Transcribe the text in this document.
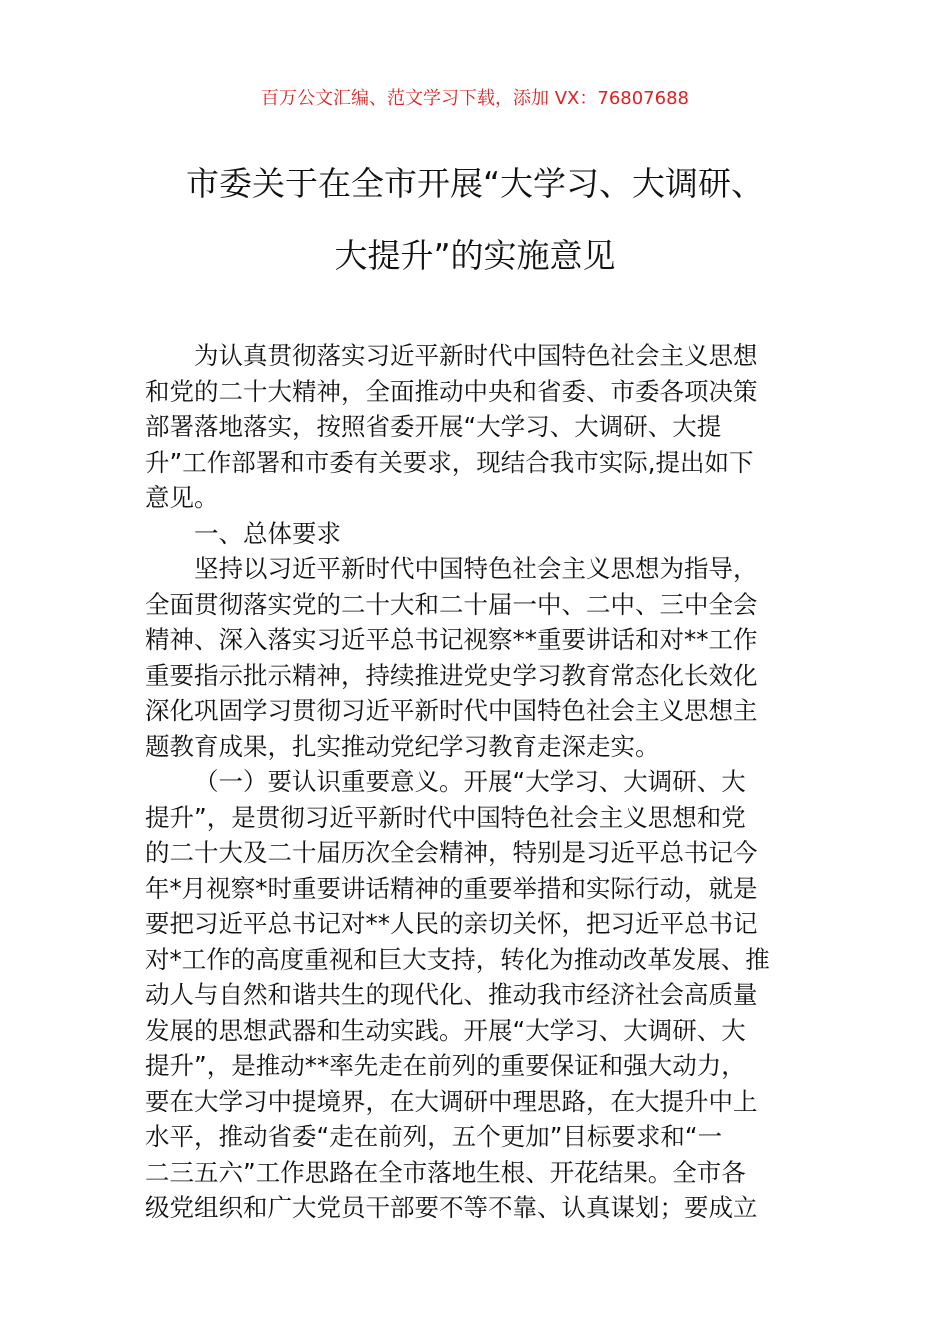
百万公文汇编、范文学习下载，添加 VX：76807688
市委关于在全市开展“大学习、大调研、
大提升”的实施意见
为认真贯彻落实习近平新时代中国特色社会主义思想
和党的二十大精神，全面推动中央和省委、市委各项决策
部署落地落实，按照省委开展“大学习、大调研、大提
升”工作部署和市委有关要求，现结合我市实际,提出如下
意见。
一、总体要求
坚持以习近平新时代中国特色社会主义思想为指导，
全面贯彻落实党的二十大和二十届一中、二中、三中全会
精神、深入落实习近平总书记视察**重要讲话和对**工作
重要指示批示精神，持续推进党史学习教育常态化长效化
深化巩固学习贯彻习近平新时代中国特色社会主义思想主
题教育成果，扎实推动党纪学习教育走深走实。
（一）要认识重要意义。开展“大学习、大调研、大
提升”，是贯彻习近平新时代中国特色社会主义思想和党
的二十大及二十届历次全会精神，特别是习近平总书记今
年*月视察*时重要讲话精神的重要举措和实际行动，就是
要把习近平总书记对**人民的亲切关怀，把习近平总书记
对*工作的高度重视和巨大支持，转化为推动改革发展、推
动人与自然和谐共生的现代化、推动我市经济社会高质量
发展的思想武器和生动实践。开展“大学习、大调研、大
提升”，是推动**率先走在前列的重要保证和强大动力，
要在大学习中提境界，在大调研中理思路，在大提升中上
水平，推动省委“走在前列，五个更加”目标要求和“一
二三五六”工作思路在全市落地生根、开花结果。全市各
级党组织和广大党员干部要不等不靠、认真谋划；要成立
